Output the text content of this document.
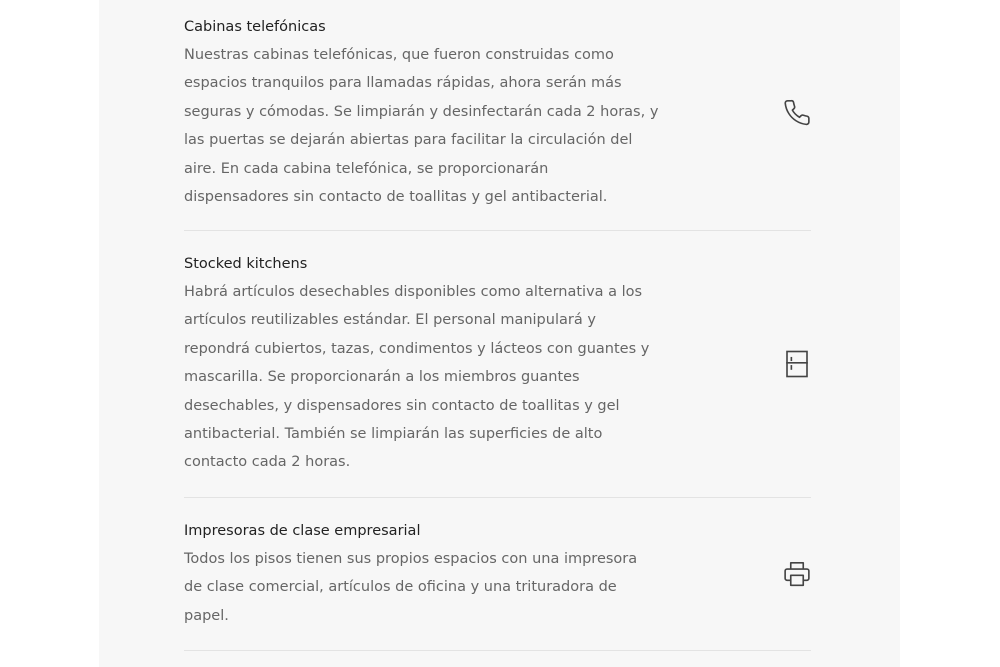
Cabinas telefónicas
Nuestras cabinas telefónicas, que fueron construidas como
espacios tranquilos para llamadas rápidas, ahora serán más
seguras y cómodas. Se limpiarán y desinfectarán cada 2 horas, y
las puertas se dejarán abiertas para facilitar la circulación del
aire. En cada cabina telefónica, se proporcionarán
dispensadores sin contacto de toallitas y gel antibacterial.
Stocked kitchens
Habrá artículos desechables disponibles como alternativa a los
artículos reutilizables estándar. El personal manipulará y
repondrá cubiertos, tazas, condimentos y lácteos con guantes y
mascarilla. Se proporcionarán a los miembros guantes
desechables, y dispensadores sin contacto de toallitas y gel
antibacterial. También se limpiarán las superficies de alto
contacto cada 2 horas.
Impresoras de clase empresarial
Todos los pisos tienen sus propios espacios con una impresora
de clase comercial, artículos de oficina y una trituradora de
papel.
